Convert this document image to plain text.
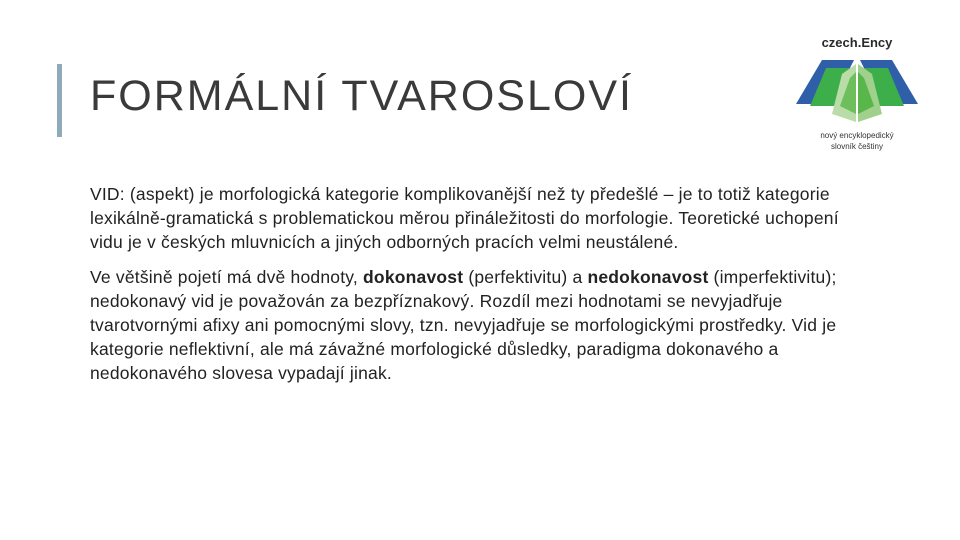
FORMÁLNÍ TVAROSLOVÍ
czech.Ency
nový encyklopedický
slovník češtiny

VID: (aspekt) je morfologická kategorie komplikovanější než ty předešlé – je to totiž kategorie lexikálně-gramatická s problematickou měrou přináležitosti do morfologie. Teoretické uchopení vidu je v českých mluvnicích a jiných odborných pracích velmi neustálené.

Ve většině pojetí má dvě hodnoty, dokonavost (perfektivitu) a nedokonavost (imperfektivitu); nedokonavý vid je považován za bezpříznakový. Rozdíl mezi hodnotami se nevyjadřuje tvarotvornými afixy ani pomocnými slovy, tzn. nevyjadřuje se morfologickými prostředky. Vid je kategorie neflektivní, ale má závažné morfologické důsledky, paradigma dokonavého a nedokonavého slovesa vypadají jinak.
